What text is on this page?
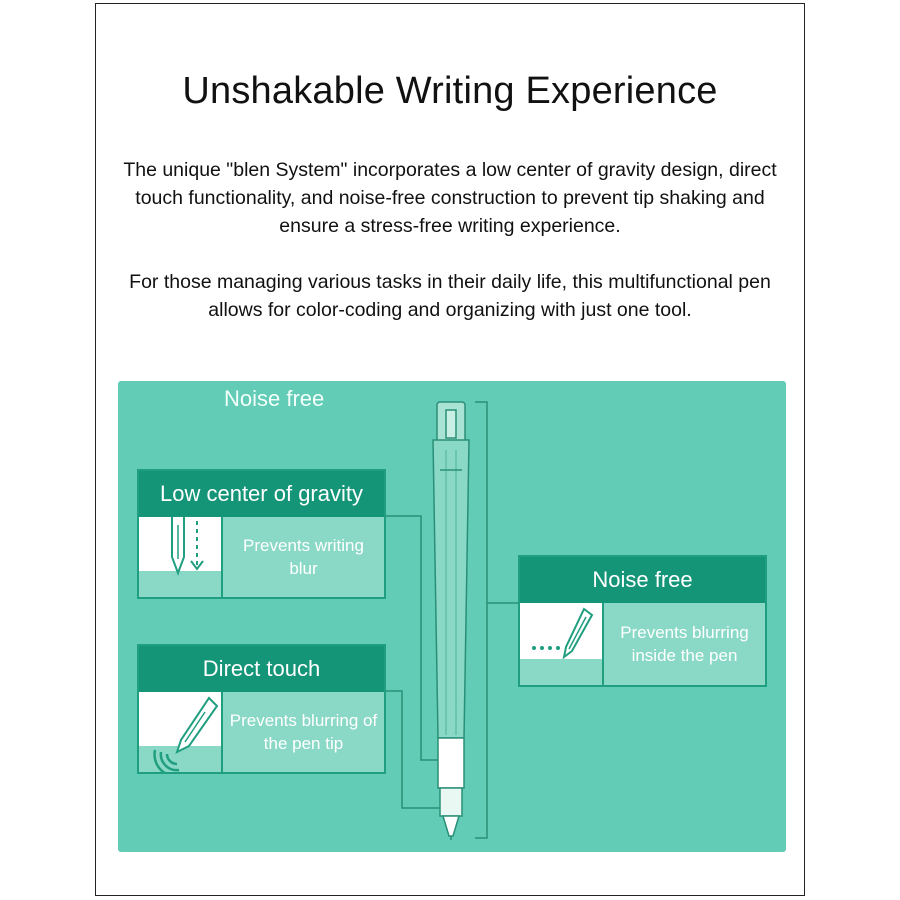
Unshakable Writing Experience

The unique "blen System" incorporates a low center of gravity design, direct touch functionality, and noise-free construction to prevent tip shaking and ensure a stress-free writing experience.

For those managing various tasks in their daily life, this multifunctional pen allows for color-coding and organizing with just one tool.

Noise free
Low center of gravity
Prevents writing blur
Direct touch
Prevents blurring of the pen tip
Noise free
Prevents blurring inside the pen
